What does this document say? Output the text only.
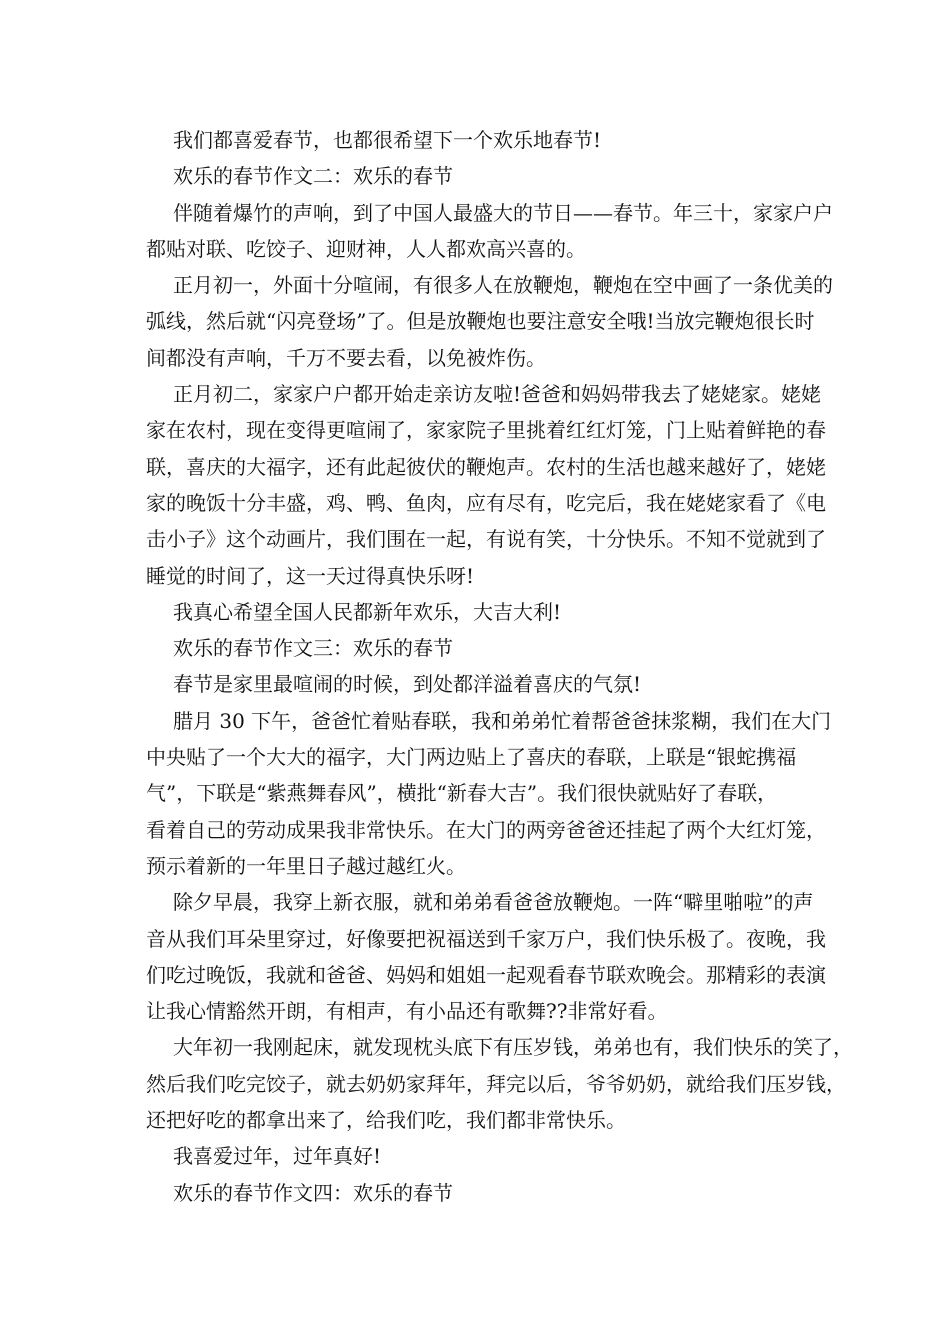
我们都喜爱春节，也都很希望下一个欢乐地春节!
欢乐的春节作文二：欢乐的春节
伴随着爆竹的声响，到了中国人最盛大的节日——春节。年三十，家家户户
都贴对联、吃饺子、迎财神，人人都欢高兴喜的。
正月初一，外面十分喧闹，有很多人在放鞭炮，鞭炮在空中画了一条优美的
弧线，然后就“闪亮登场”了。但是放鞭炮也要注意安全哦!当放完鞭炮很长时
间都没有声响，千万不要去看，以免被炸伤。
正月初二，家家户户都开始走亲访友啦!爸爸和妈妈带我去了姥姥家。姥姥
家在农村，现在变得更喧闹了，家家院子里挑着红红灯笼，门上贴着鲜艳的春
联，喜庆的大福字，还有此起彼伏的鞭炮声。农村的生活也越来越好了，姥姥
家的晚饭十分丰盛，鸡、鸭、鱼肉，应有尽有，吃完后，我在姥姥家看了《电
击小子》这个动画片，我们围在一起，有说有笑，十分快乐。不知不觉就到了
睡觉的时间了，这一天过得真快乐呀!
我真心希望全国人民都新年欢乐，大吉大利!
欢乐的春节作文三：欢乐的春节
春节是家里最喧闹的时候，到处都洋溢着喜庆的气氛!
腊月 30 下午，爸爸忙着贴春联，我和弟弟忙着帮爸爸抹浆糊，我们在大门
中央贴了一个大大的福字，大门两边贴上了喜庆的春联，上联是“银蛇携福
气”，下联是“紫燕舞春风”，横批“新春大吉”。我们很快就贴好了春联，
看着自己的劳动成果我非常快乐。在大门的两旁爸爸还挂起了两个大红灯笼，
预示着新的一年里日子越过越红火。
除夕早晨，我穿上新衣服，就和弟弟看爸爸放鞭炮。一阵“噼里啪啦”的声
音从我们耳朵里穿过，好像要把祝福送到千家万户，我们快乐极了。夜晚，我
们吃过晚饭，我就和爸爸、妈妈和姐姐一起观看春节联欢晚会。那精彩的表演
让我心情豁然开朗，有相声，有小品还有歌舞??非常好看。
大年初一我刚起床，就发现枕头底下有压岁钱，弟弟也有，我们快乐的笑了，
然后我们吃完饺子，就去奶奶家拜年，拜完以后，爷爷奶奶，就给我们压岁钱，
还把好吃的都拿出来了，给我们吃，我们都非常快乐。
我喜爱过年，过年真好!
欢乐的春节作文四：欢乐的春节
